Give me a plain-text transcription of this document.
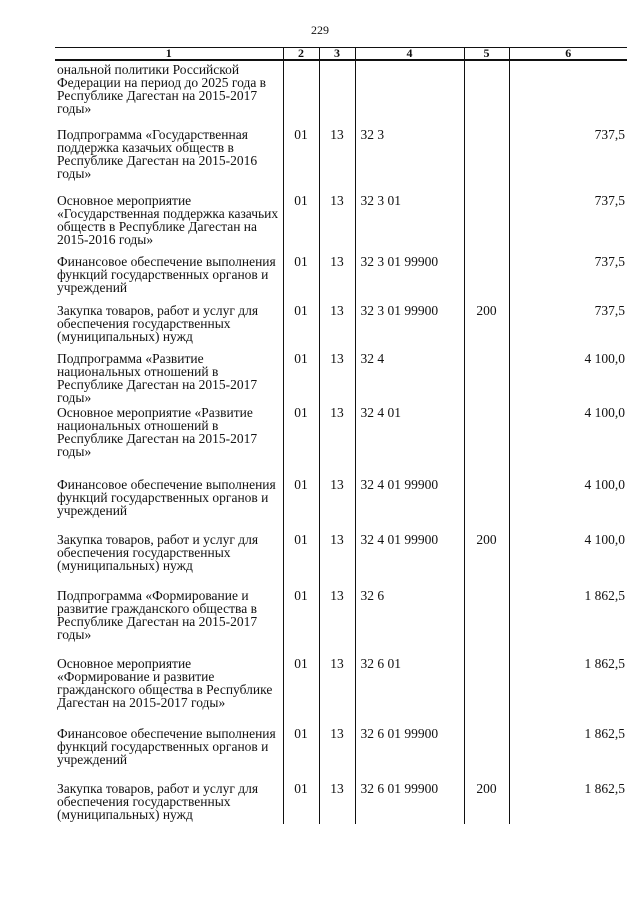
229
1	2	3	4	5	6
ональной политики Российской Федерации на период до 2025 года в Республике Дагестан на 2015-2017 годы»					
Подпрограмма «Государственная поддержка казачьих обществ в Республике Дагестан на 2015-2016 годы»	01	13	32 3		737,5
Основное мероприятие «Государственная поддержка казачьих обществ в Республике Дагестан на 2015-2016 годы»	01	13	32 3 01		737,5
Финансовое обеспечение выполнения функций государственных органов и учреждений	01	13	32 3 01 99900		737,5
Закупка товаров, работ и услуг для обеспечения государственных (муниципальных) нужд	01	13	32 3 01 99900	200	737,5
Подпрограмма «Развитие национальных отношений в Республике Дагестан на 2015-2017 годы»	01	13	32 4		4 100,0
Основное мероприятие «Развитие национальных отношений в Республике Дагестан на 2015-2017 годы»	01	13	32 4 01		4 100,0
Финансовое обеспечение выполнения функций государственных органов и учреждений	01	13	32 4 01 99900		4 100,0
Закупка товаров, работ и услуг для обеспечения государственных (муниципальных) нужд	01	13	32 4 01 99900	200	4 100,0
Подпрограмма «Формирование и развитие гражданского общества в Республике Дагестан на 2015-2017 годы»	01	13	32 6		1 862,5
Основное мероприятие «Формирование и развитие гражданского общества в Республике Дагестан на 2015-2017 годы»	01	13	32 6 01		1 862,5
Финансовое обеспечение выполнения функций государственных органов и учреждений	01	13	32 6 01 99900		1 862,5
Закупка товаров, работ и услуг для обеспечения государственных (муниципальных) нужд	01	13	32 6 01 99900	200	1 862,5
